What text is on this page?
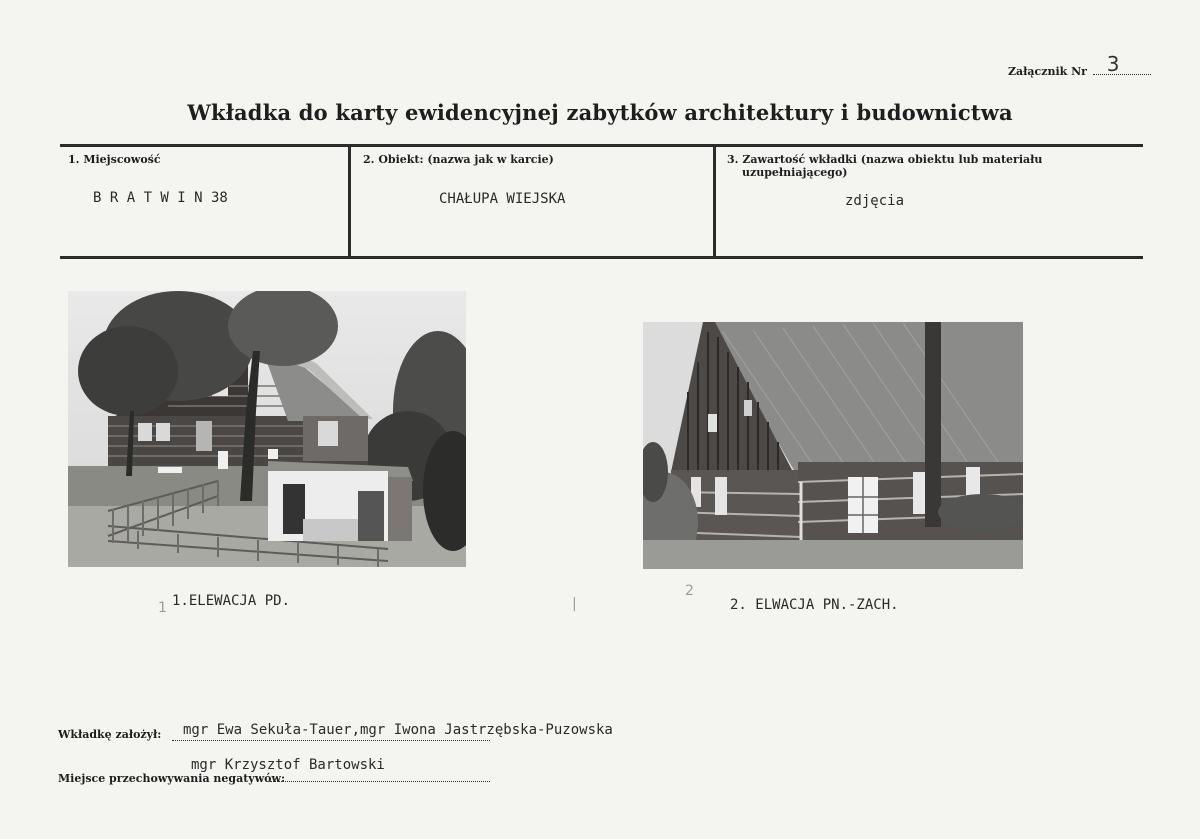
Załącznik Nr 3
Wkładka do karty ewidencyjnej zabytków architektury i budownictwa
1. Miejscowość
B R A T W I N 38
2. Obiekt: (nazwa jak w karcie)
CHAŁUPA WIEJSKA
3. Zawartość wkładki (nazwa obiektu lub materiału
uzupełniającego)
zdjęcia
1.ELEWACJA PD.	2. ELWACJA PN.-ZACH.
1
2
|
Wkładkę założył: mgr Ewa Sekuła-Tauer,mgr Iwona Jastrzębska-Puzowska
mgr Krzysztof Bartowski
Miejsce przechowywania negatywów:
